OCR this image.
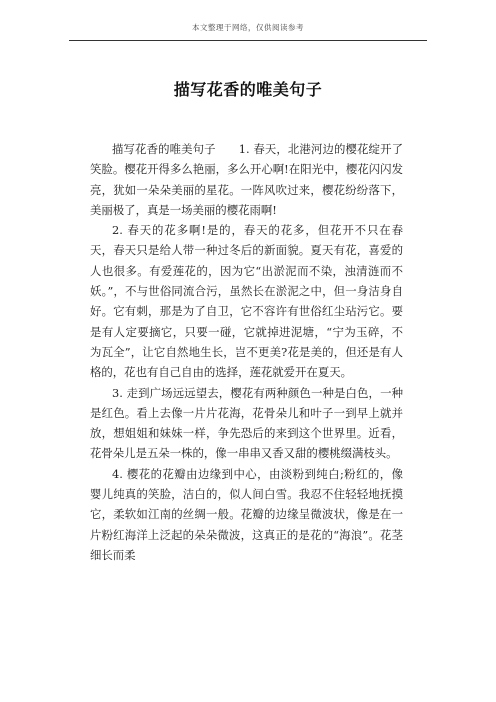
本文整理于网络，仅供阅读参考
描写花香的唯美句子

描写花香的唯美句子　　1. 春天，北港河边的樱花绽开了笑脸。樱花开得多么艳丽，多么开心啊!在阳光中，樱花闪闪发亮，犹如一朵朵美丽的星花。一阵风吹过来，樱花纷纷落下，美丽极了，真是一场美丽的樱花雨啊!

2. 春天的花多啊!是的，春天的花多，但花开不只在春天，春天只是给人带一种过冬后的新面貌。夏天有花，喜爱的人也很多。有爱莲花的，因为它“出淤泥而不染，浊清涟而不妖。”，不与世俗同流合污，虽然长在淤泥之中，但一身洁身自好。它有刺，那是为了自卫，它不容许有世俗红尘玷污它。要是有人定要摘它，只要一碰，它就掉进泥塘，“宁为玉碎，不为瓦全”，让它自然地生长，岂不更美?花是美的，但还是有人格的，花也有自己自由的选择，莲花就爱开在夏天。

3. 走到广场远远望去，樱花有两种颜色一种是白色，一种是红色。看上去像一片片花海，花骨朵儿和叶子一到早上就并放，想姐姐和妹妹一样，争先恐后的来到这个世界里。近看，花骨朵儿是五朵一株的，像一串串又香又甜的樱桃缀满枝头。

4. 樱花的花瓣由边缘到中心，由淡粉到纯白;粉红的，像婴儿纯真的笑脸，洁白的，似人间白雪。我忍不住轻轻地抚摸它，柔软如江南的丝绸一般。花瓣的边缘呈微波状，像是在一片粉红海洋上泛起的朵朵微波，这真正的是花的“海浪”。花茎细长而柔
